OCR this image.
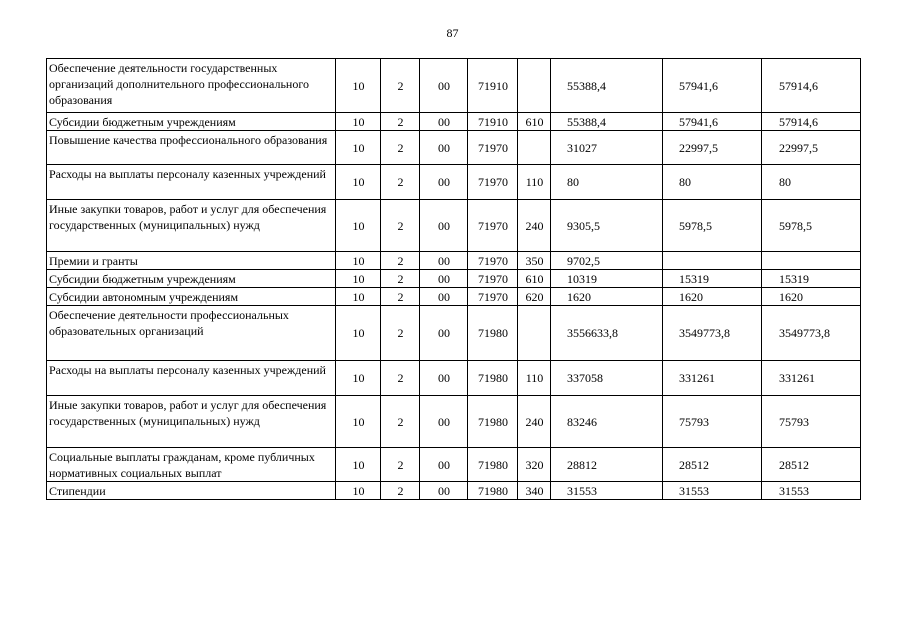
87
Обеспечение деятельности государственных организаций дополнительного профессионального образования	10	2	00	71910		55388,4	57941,6	57914,6
Субсидии бюджетным учреждениям	10	2	00	71910	610	55388,4	57941,6	57914,6
Повышение качества профессионального образования	10	2	00	71970		31027	22997,5	22997,5
Расходы на выплаты персоналу казенных учреждений	10	2	00	71970	110	80	80	80
Иные закупки товаров, работ и услуг для обеспечения государственных (муниципальных) нужд	10	2	00	71970	240	9305,5	5978,5	5978,5
Премии и гранты	10	2	00	71970	350	9702,5		
Субсидии бюджетным учреждениям	10	2	00	71970	610	10319	15319	15319
Субсидии автономным учреждениям	10	2	00	71970	620	1620	1620	1620
Обеспечение деятельности профессиональных образовательных организаций	10	2	00	71980		3556633,8	3549773,8	3549773,8
Расходы на выплаты персоналу казенных учреждений	10	2	00	71980	110	337058	331261	331261
Иные закупки товаров, работ и услуг для обеспечения государственных (муниципальных) нужд	10	2	00	71980	240	83246	75793	75793
Социальные выплаты гражданам, кроме публичных нормативных социальных выплат	10	2	00	71980	320	28812	28512	28512
Стипендии	10	2	00	71980	340	31553	31553	31553
